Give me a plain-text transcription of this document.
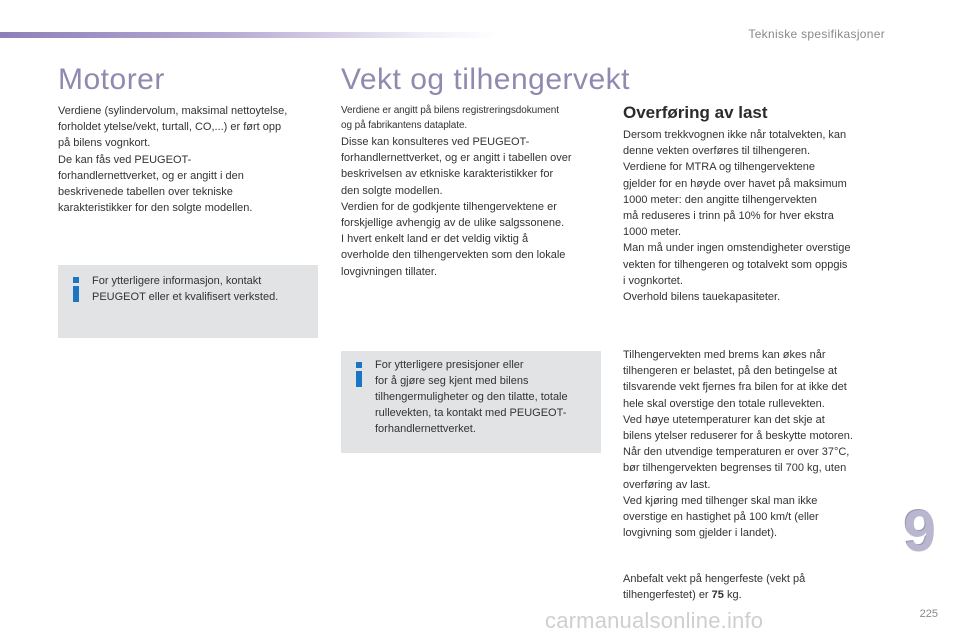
Tekniske spesifikasjoner
Motorer

Verdiene (sylindervolum, maksimal nettoytelse,

forholdet ytelse/vekt, turtall, CO,...) er ført opp

på bilens vognkort.

De kan fås ved PEUGEOT-

forhandlernettverket, og er angitt i den

beskrivenede tabellen over tekniske

karakteristikker for den solgte modellen.

For ytterligere informasjon, kontakt
PEUGEOT eller et kvalifisert verksted.
Vekt og tilhengervekt

Verdiene er angitt på bilens registreringsdokument

og på fabrikantens dataplate.

Disse kan konsulteres ved PEUGEOT-

forhandlernettverket, og er angitt i tabellen over

beskrivelsen av etkniske karakteristikker for

den solgte modellen.

Verdien for de godkjente tilhengervektene er

forskjellige avhengig av de ulike salgssonene.

I hvert enkelt land er det veldig viktig å

overholde den tilhengervekten som den lokale

lovgivningen tillater.

For ytterligere presisjoner eller
for å gjøre seg kjent med bilens
tilhengermuligheter og den tilatte, totale
rullevekten, ta kontakt med PEUGEOT-
forhandlernettverket.
Overføring av last

Dersom trekkvognen ikke når totalvekten, kan

denne vekten overføres til tilhengeren.

Verdiene for MTRA og tilhengervektene

gjelder for en høyde over havet på maksimum

1000 meter: den angitte tilhengervekten

må reduseres i trinn på 10% for hver ekstra

1000 meter.

Man må under ingen omstendigheter overstige

vekten for tilhengeren og totalvekt som oppgis

i vognkortet.

Overhold bilens tauekapasiteter.

Tilhengervekten med brems kan økes når

tilhengeren er belastet, på den betingelse at

tilsvarende vekt fjernes fra bilen for at ikke det

hele skal overstige den totale rullevekten.

Ved høye utetemperaturer kan det skje at

bilens ytelser reduserer for å beskytte motoren.

Når den utvendige temperaturen er over 37°C,

bør tilhengervekten begrenses til 700 kg, uten

overføring av last.

Ved kjøring med tilhenger skal man ikke

overstige en hastighet på 100 km/t (eller

lovgivning som gjelder i landet).

Anbefalt vekt på hengerfeste (vekt på

tilhengerfestet) er 75 kg.

9
carmanualsonline.info	225
